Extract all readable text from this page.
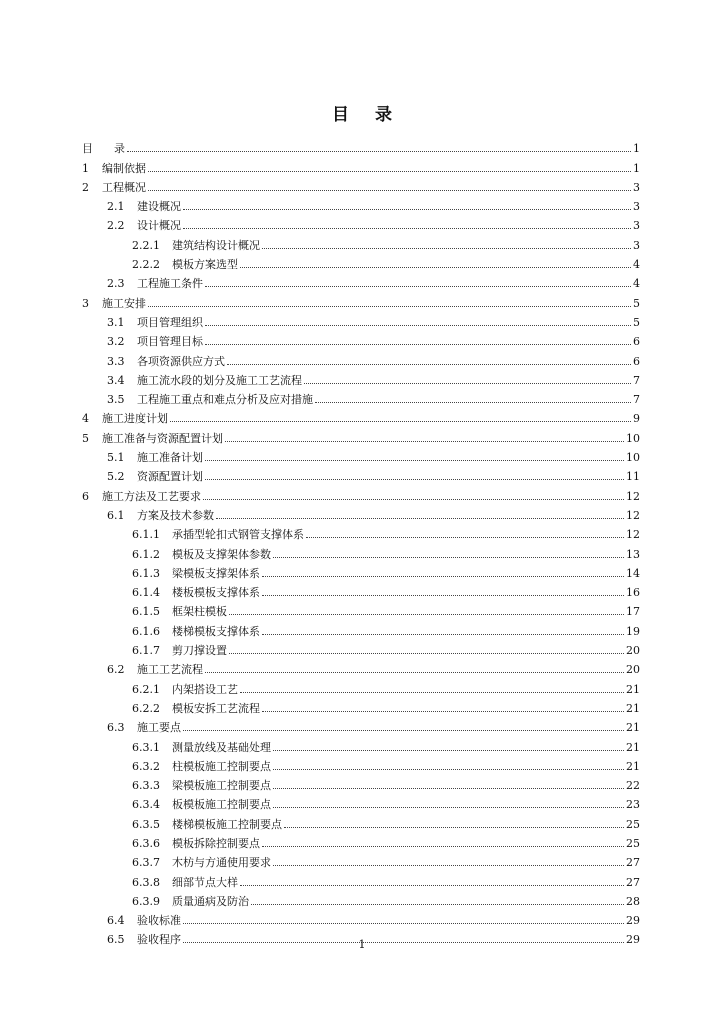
目 录
目	录	1
1	编制依据	1
2	工程概况	3
2.1	建设概况	3
2.2	设计概况	3
2.2.1	建筑结构设计概况	3
2.2.2	模板方案选型	4
2.3	工程施工条件	4
3	施工安排	5
3.1	项目管理组织	5
3.2	项目管理目标	6
3.3	各项资源供应方式	6
3.4	施工流水段的划分及施工工艺流程	7
3.5	工程施工重点和难点分析及应对措施	7
4	施工进度计划	9
5	施工准备与资源配置计划	10
5.1	施工准备计划	10
5.2	资源配置计划	11
6	施工方法及工艺要求	12
6.1	方案及技术参数	12
6.1.1	承插型轮扣式钢管支撑体系	12
6.1.2	模板及支撑架体参数	13
6.1.3	梁模板支撑架体系	14
6.1.4	楼板模板支撑体系	16
6.1.5	框架柱模板	17
6.1.6	楼梯模板支撑体系	19
6.1.7	剪刀撑设置	20
6.2	施工工艺流程	20
6.2.1	内架搭设工艺	21
6.2.2	模板安拆工艺流程	21
6.3	施工要点	21
6.3.1	测量放线及基础处理	21
6.3.2	柱模板施工控制要点	21
6.3.3	梁模板施工控制要点	22
6.3.4	板模板施工控制要点	23
6.3.5	楼梯模板施工控制要点	25
6.3.6	模板拆除控制要点	25
6.3.7	木枋与方通使用要求	27
6.3.8	细部节点大样	27
6.3.9	质量通病及防治	28
6.4	验收标准	29
6.5	验收程序	29
1
